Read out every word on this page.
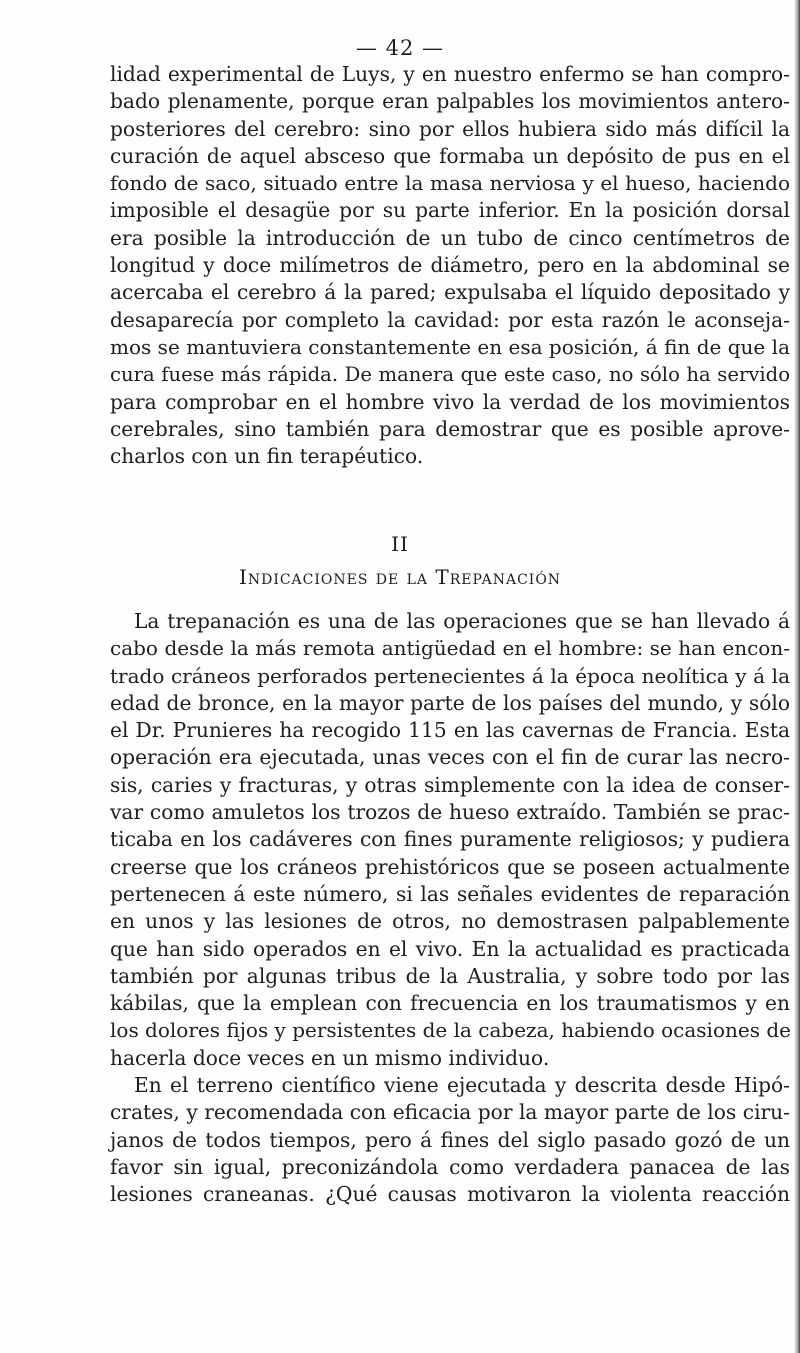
— 42 —
lidad experimental de Luys, y en nuestro enfermo se han compro-
bado plenamente, porque eran palpables los movimientos antero-
posteriores del cerebro: sino por ellos hubiera sido más difícil la
curación de aquel absceso que formaba un depósito de pus en el
fondo de saco, situado entre la masa nerviosa y el hueso, haciendo
imposible el desagüe por su parte inferior. En la posición dorsal
era posible la introducción de un tubo de cinco centímetros de
longitud y doce milímetros de diámetro, pero en la abdominal se
acercaba el cerebro á la pared; expulsaba el líquido depositado y
desaparecía por completo la cavidad: por esta razón le aconseja-
mos se mantuviera constantemente en esa posición, á fin de que la
cura fuese más rápida. De manera que este caso, no sólo ha servido
para comprobar en el hombre vivo la verdad de los movimientos
cerebrales, sino también para demostrar que es posible aprove-
charlos con un fin terapéutico.
II
Indicaciones de la Trepanación
La trepanación es una de las operaciones que se han llevado á
cabo desde la más remota antigüedad en el hombre: se han encon-
trado cráneos perforados pertenecientes á la época neolítica y á la
edad de bronce, en la mayor parte de los países del mundo, y sólo
el Dr. Prunieres ha recogido 115 en las cavernas de Francia. Esta
operación era ejecutada, unas veces con el fin de curar las necro-
sis, caries y fracturas, y otras simplemente con la idea de conser-
var como amuletos los trozos de hueso extraído. También se prac-
ticaba en los cadáveres con fines puramente religiosos; y pudiera
creerse que los cráneos prehistóricos que se poseen actualmente
pertenecen á este número, si las señales evidentes de reparación
en unos y las lesiones de otros, no demostrasen palpablemente
que han sido operados en el vivo. En la actualidad es practicada
también por algunas tribus de la Australia, y sobre todo por las
kábilas, que la emplean con frecuencia en los traumatismos y en
los dolores fijos y persistentes de la cabeza, habiendo ocasiones de
hacerla doce veces en un mismo individuo.
En el terreno científico viene ejecutada y descrita desde Hipó-
crates, y recomendada con eficacia por la mayor parte de los ciru-
janos de todos tiempos, pero á fines del siglo pasado gozó de un
favor sin igual, preconizándola como verdadera panacea de las
lesiones craneanas. ¿Qué causas motivaron la violenta reacción
